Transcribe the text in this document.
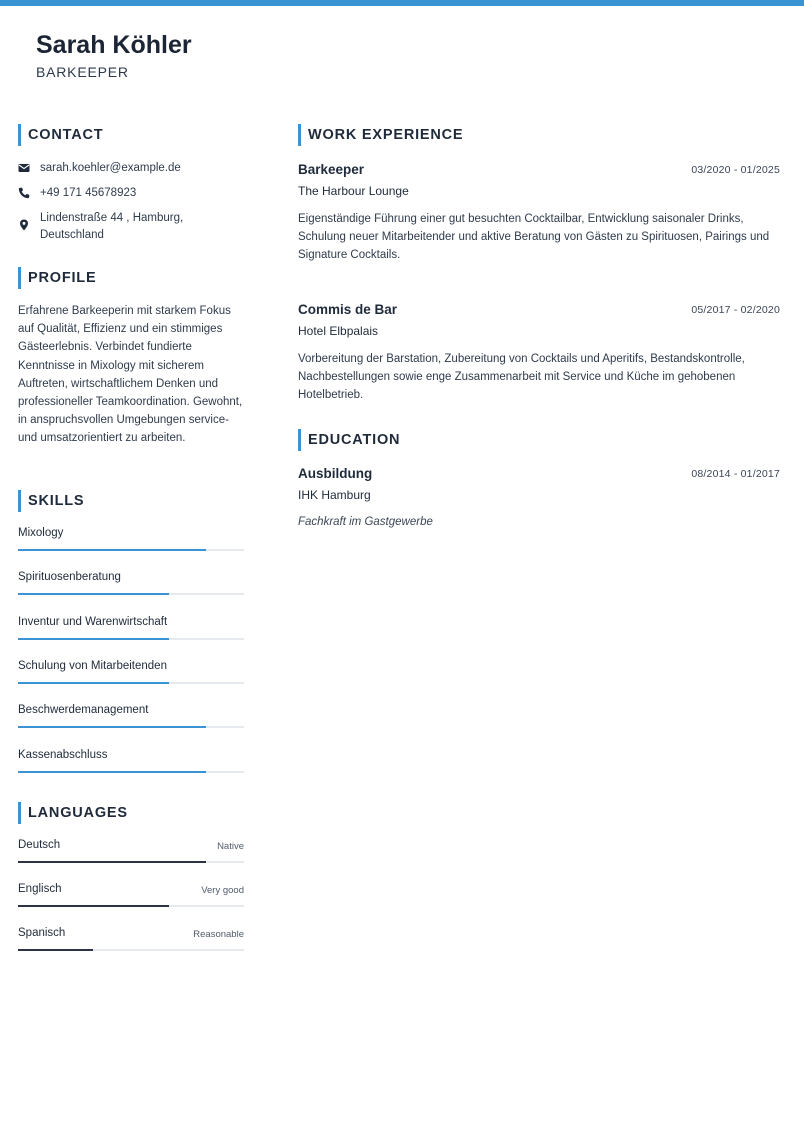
Sarah Köhler
BARKEEPER
CONTACT
sarah.koehler@example.de
+49 171 45678923
Lindenstraße 44 , Hamburg, Deutschland
PROFILE
Erfahrene Barkeeperin mit starkem Fokus auf Qualität, Effizienz und ein stimmiges Gästeerlebnis. Verbindet fundierte Kenntnisse in Mixology mit sicherem Auftreten, wirtschaftlichem Denken und professioneller Teamkoordination. Gewohnt, in anspruchsvollen Umgebungen service- und umsatzorientiert zu arbeiten.
SKILLS
Mixology
Spirituosenberatung
Inventur und Warenwirtschaft
Schulung von Mitarbeitenden
Beschwerdemanagement
Kassenabschluss
LANGUAGES
Deutsch	Native
Englisch	Very good
Spanisch	Reasonable
WORK EXPERIENCE
Barkeeper	03/2020 - 01/2025
The Harbour Lounge
Eigenständige Führung einer gut besuchten Cocktailbar, Entwicklung saisonaler Drinks, Schulung neuer Mitarbeitender und aktive Beratung von Gästen zu Spirituosen, Pairings und Signature Cocktails.
Commis de Bar	05/2017 - 02/2020
Hotel Elbpalais
Vorbereitung der Barstation, Zubereitung von Cocktails und Aperitifs, Bestandskontrolle, Nachbestellungen sowie enge Zusammenarbeit mit Service und Küche im gehobenen Hotelbetrieb.
EDUCATION
Ausbildung	08/2014 - 01/2017
IHK Hamburg
Fachkraft im Gastgewerbe
